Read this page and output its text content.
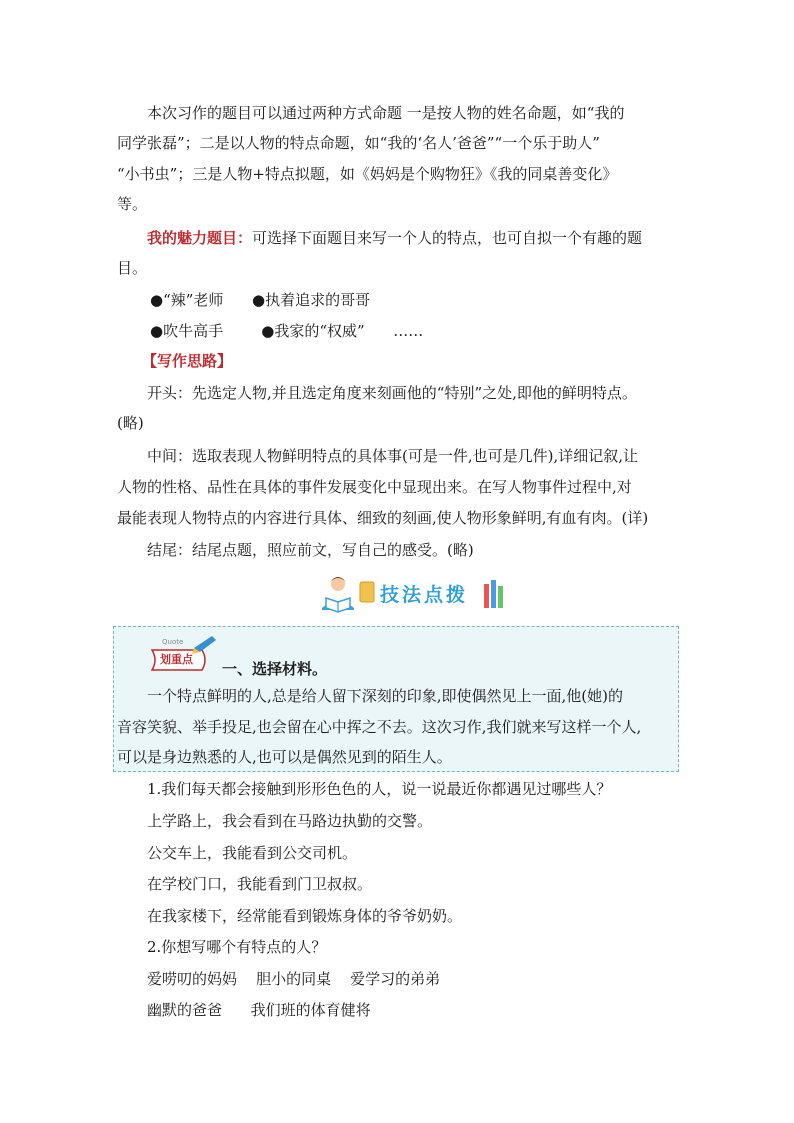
本次习作的题目可以通过两种方式命题 一是按人物的姓名命题，如“我的
同学张磊”；二是以人物的特点命题，如“我的‘名人’爸爸”“一个乐于助人”
“小书虫”；三是人物+特点拟题，如《妈妈是个购物狂》《我的同桌善变化》
等。
我的魅力题目：可选择下面题目来写一个人的特点，也可自拟一个有趣的题
目。
●“辣”老师      ●执着追求的哥哥
●吹牛高手        ●我家的“权威”      ……
【写作思路】
开头：先选定人物,并且选定角度来刻画他的“特别”之处,即他的鲜明特点。
(略)
中间：选取表现人物鲜明特点的具体事(可是一件,也可是几件),详细记叙,让
人物的性格、品性在具体的事件发展变化中显现出来。在写人物事件过程中,对
最能表现人物特点的内容进行具体、细致的刻画,使人物形象鲜明,有血有肉。(详)
结尾：结尾点题，照应前文，写自己的感受。(略)
技法点拨
Quote
划重点
一、选择材料。
一个特点鲜明的人,总是给人留下深刻的印象,即使偶然见上一面,他(她)的
音容笑貌、举手投足,也会留在心中挥之不去。这次习作,我们就来写这样一个人,
可以是身边熟悉的人,也可以是偶然见到的陌生人。
1.我们每天都会接触到形形色色的人，说一说最近你都遇见过哪些人？
上学路上，我会看到在马路边执勤的交警。
公交车上，我能看到公交司机。
在学校门口，我能看到门卫叔叔。
在我家楼下，经常能看到锻炼身体的爷爷奶奶。
2.你想写哪个有特点的人？
爱唠叨的妈妈    胆小的同桌    爱学习的弟弟
幽默的爸爸      我们班的体育健将
